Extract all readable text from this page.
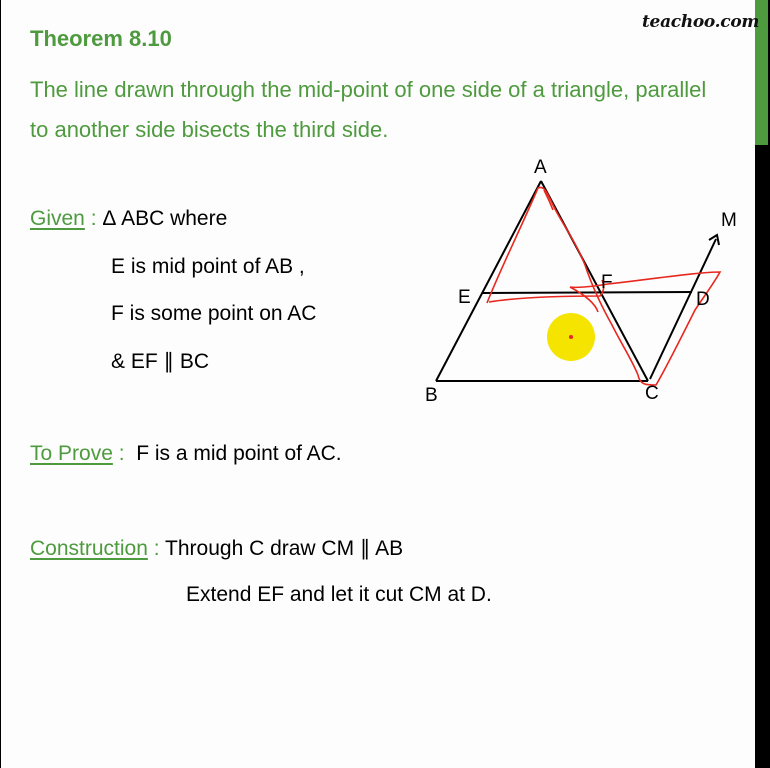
teachoo.com
Theorem 8.10
The line drawn through the mid-point of one side of a triangle, parallel to another side bisects the third side.
Given : Δ ABC where
E is mid point of AB ,
F is some point on AC
& EF ∥ BC
To Prove : F is a mid point of AC.
Construction : Through C draw CM ∥ AB
Extend EF and let it cut CM at D.
A
B	C
D
E
F
M
